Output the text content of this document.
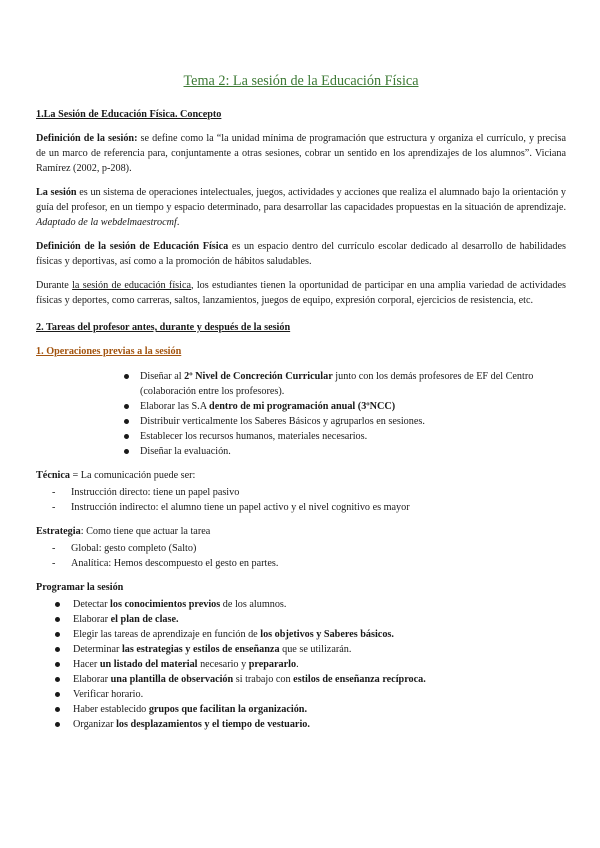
Tema 2: La sesión de la Educación Física
1.La Sesión de Educación Física. Concepto

Definición de la sesión: se define como la “la unidad mínima de programación que estructura y organiza el currículo, y precisa de un marco de referencia para, conjuntamente a otras sesiones, cobrar un sentido en los aprendizajes de los alumnos”. Viciana Ramírez (2002, p-208).

La sesión es un sistema de operaciones intelectuales, juegos, actividades y acciones que realiza el alumnado bajo la orientación y guía del profesor, en un tiempo y espacio determinado, para desarrollar las capacidades propuestas en la situación de aprendizaje. Adaptado de la webdelmaestrocmf.

Definición de la sesión de Educación Física es un espacio dentro del currículo escolar dedicado al desarrollo de habilidades físicas y deportivas, así como a la promoción de hábitos saludables.

Durante la sesión de educación física, los estudiantes tienen la oportunidad de participar en una amplia variedad de actividades físicas y deportes, como carreras, saltos, lanzamientos, juegos de equipo, expresión corporal, ejercicios de resistencia, etc.

2. Tareas del profesor antes, durante y después de la sesión
1. Operaciones previas a la sesión
Diseñar al 2º Nivel de Concreción Curricular junto con los demás profesores de EF del Centro (colaboración entre los profesores).
Elaborar las S.A dentro de mi programación anual (3ºNCC)
Distribuir verticalmente los Saberes Básicos y agruparlos en sesiones.
Establecer los recursos humanos, materiales necesarios.
Diseñar la evaluación.
Técnica = La comunicación puede ser:
- Instrucción directo: tiene un papel pasivo
- Instrucción indirecto: el alumno tiene un papel activo y el nivel cognitivo es mayor
Estrategia: Como tiene que actuar la tarea
- Global: gesto completo (Salto)
- Analítica: Hemos descompuesto el gesto en partes.
Programar la sesión
Detectar los conocimientos previos de los alumnos.
Elaborar el plan de clase.
Elegir las tareas de aprendizaje en función de los objetivos y Saberes básicos.
Determinar las estrategias y estilos de enseñanza que se utilizarán.
Hacer un listado del material necesario y prepararlo.
Elaborar una plantilla de observación si trabajo con estilos de enseñanza recíproca.
Verificar horario.
Haber establecido grupos que facilitan la organización.
Organizar los desplazamientos y el tiempo de vestuario.
